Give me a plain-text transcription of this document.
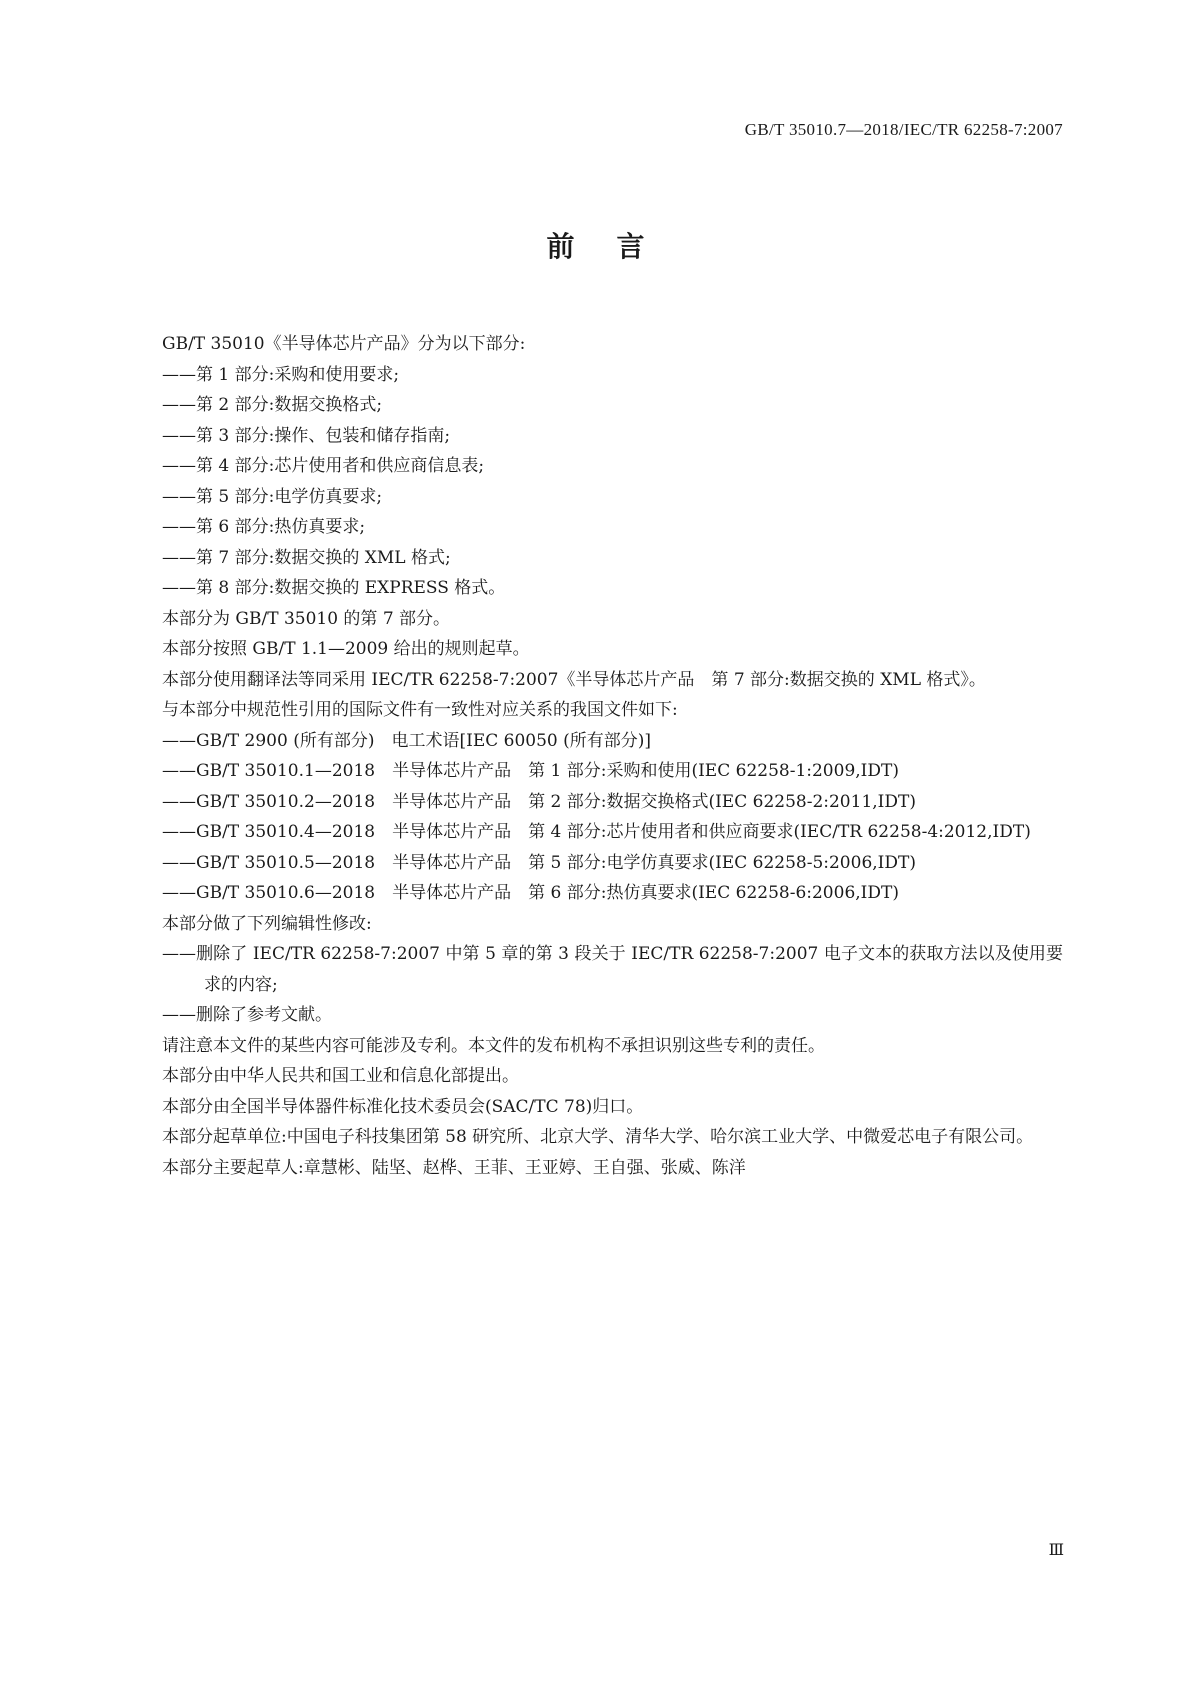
GB/T 35010.7—2018/IEC/TR 62258-7:2007
前言

GB/T 35010《半导体芯片产品》分为以下部分:

——第 1 部分:采购和使用要求;

——第 2 部分:数据交换格式;

——第 3 部分:操作、包装和储存指南;

——第 4 部分:芯片使用者和供应商信息表;

——第 5 部分:电学仿真要求;

——第 6 部分:热仿真要求;

——第 7 部分:数据交换的 XML 格式;

——第 8 部分:数据交换的 EXPRESS 格式。

本部分为 GB/T 35010 的第 7 部分。

本部分按照 GB/T 1.1—2009 给出的规则起草。

本部分使用翻译法等同采用 IEC/TR 62258-7:2007《半导体芯片产品　第 7 部分:数据交换的 XML 格式》。

与本部分中规范性引用的国际文件有一致性对应关系的我国文件如下:

——GB/T 2900 (所有部分)　电工术语[IEC 60050 (所有部分)]

——GB/T 35010.1—2018　半导体芯片产品　第 1 部分:采购和使用(IEC 62258-1:2009,IDT)

——GB/T 35010.2—2018　半导体芯片产品　第 2 部分:数据交换格式(IEC 62258-2:2011,IDT)

——GB/T 35010.4—2018　半导体芯片产品　第 4 部分:芯片使用者和供应商要求(IEC/TR 62258-4:2012,IDT)

——GB/T 35010.5—2018　半导体芯片产品　第 5 部分:电学仿真要求(IEC 62258-5:2006,IDT)

——GB/T 35010.6—2018　半导体芯片产品　第 6 部分:热仿真要求(IEC 62258-6:2006,IDT)

本部分做了下列编辑性修改:

——删除了 IEC/TR 62258-7:2007 中第 5 章的第 3 段关于 IEC/TR 62258-7:2007 电子文本的获取方法以及使用要求的内容;

——删除了参考文献。

请注意本文件的某些内容可能涉及专利。本文件的发布机构不承担识别这些专利的责任。

本部分由中华人民共和国工业和信息化部提出。

本部分由全国半导体器件标准化技术委员会(SAC/TC 78)归口。

本部分起草单位:中国电子科技集团第 58 研究所、北京大学、清华大学、哈尔滨工业大学、中微爱芯电子有限公司。

本部分主要起草人:章慧彬、陆坚、赵桦、王菲、王亚婷、王自强、张威、陈洋

Ⅲ
